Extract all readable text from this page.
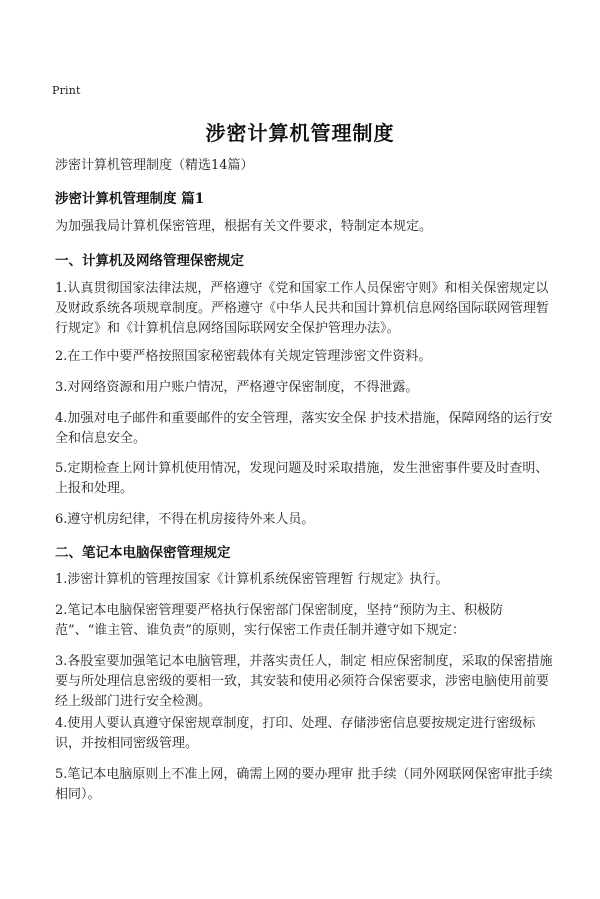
Print
涉密计算机管理制度
涉密计算机管理制度（精选14篇）
涉密计算机管理制度 篇1
为加强我局计算机保密管理，根据有关文件要求，特制定本规定。
一、计算机及网络管理保密规定
1.认真贯彻国家法律法规，严格遵守《党和国家工作人员保密守则》和相关保密规定以及财政系统各项规章制度。严格遵守《中华人民共和国计算机信息网络国际联网管理暂行规定》和《计算机信息网络国际联网安全保护管理办法》。
2.在工作中要严格按照国家秘密载体有关规定管理涉密文件资料。
3.对网络资源和用户账户情况，严格遵守保密制度，不得泄露。
4.加强对电子邮件和重要邮件的安全管理，落实安全保 护技术措施，保障网络的运行安全和信息安全。
5.定期检查上网计算机使用情况，发现问题及时采取措施，发生泄密事件要及时查明、上报和处理。
6.遵守机房纪律，不得在机房接待外来人员。
二、笔记本电脑保密管理规定
1.涉密计算机的管理按国家《计算机系统保密管理暂 行规定》执行。
2.笔记本电脑保密管理要严格执行保密部门保密制度，坚持“预防为主、积极防范”、“谁主管、谁负责”的原则，实行保密工作责任制并遵守如下规定：
3.各股室要加强笔记本电脑管理，并落实责任人，制定 相应保密制度，采取的保密措施要与所处理信息密级的要相一致，其安装和使用必须符合保密要求，涉密电脑使用前要经上级部门进行安全检测。
4.使用人要认真遵守保密规章制度，打印、处理、存储涉密信息要按规定进行密级标识，并按相同密级管理。
5.笔记本电脑原则上不准上网，确需上网的要办理审 批手续（同外网联网保密审批手续相同）。
